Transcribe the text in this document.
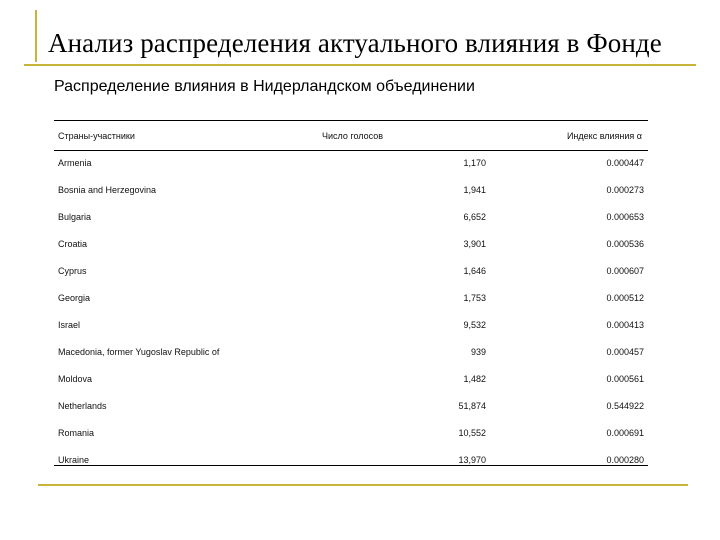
Анализ распределения актуального влияния в Фонде
Распределение влияния в Нидерландском объединении
Страны-участники	Число голосов	Индекс влияния α
Armenia	1,170	0.000447
Bosnia and Herzegovina	1,941	0.000273
Bulgaria	6,652	0.000653
Croatia	3,901	0.000536
Cyprus	1,646	0.000607
Georgia	1,753	0.000512
Israel	9,532	0.000413
Macedonia, former Yugoslav Republic of	939	0.000457
Moldova	1,482	0.000561
Netherlands	51,874	0.544922
Romania	10,552	0.000691
Ukraine	13,970	0.000280
